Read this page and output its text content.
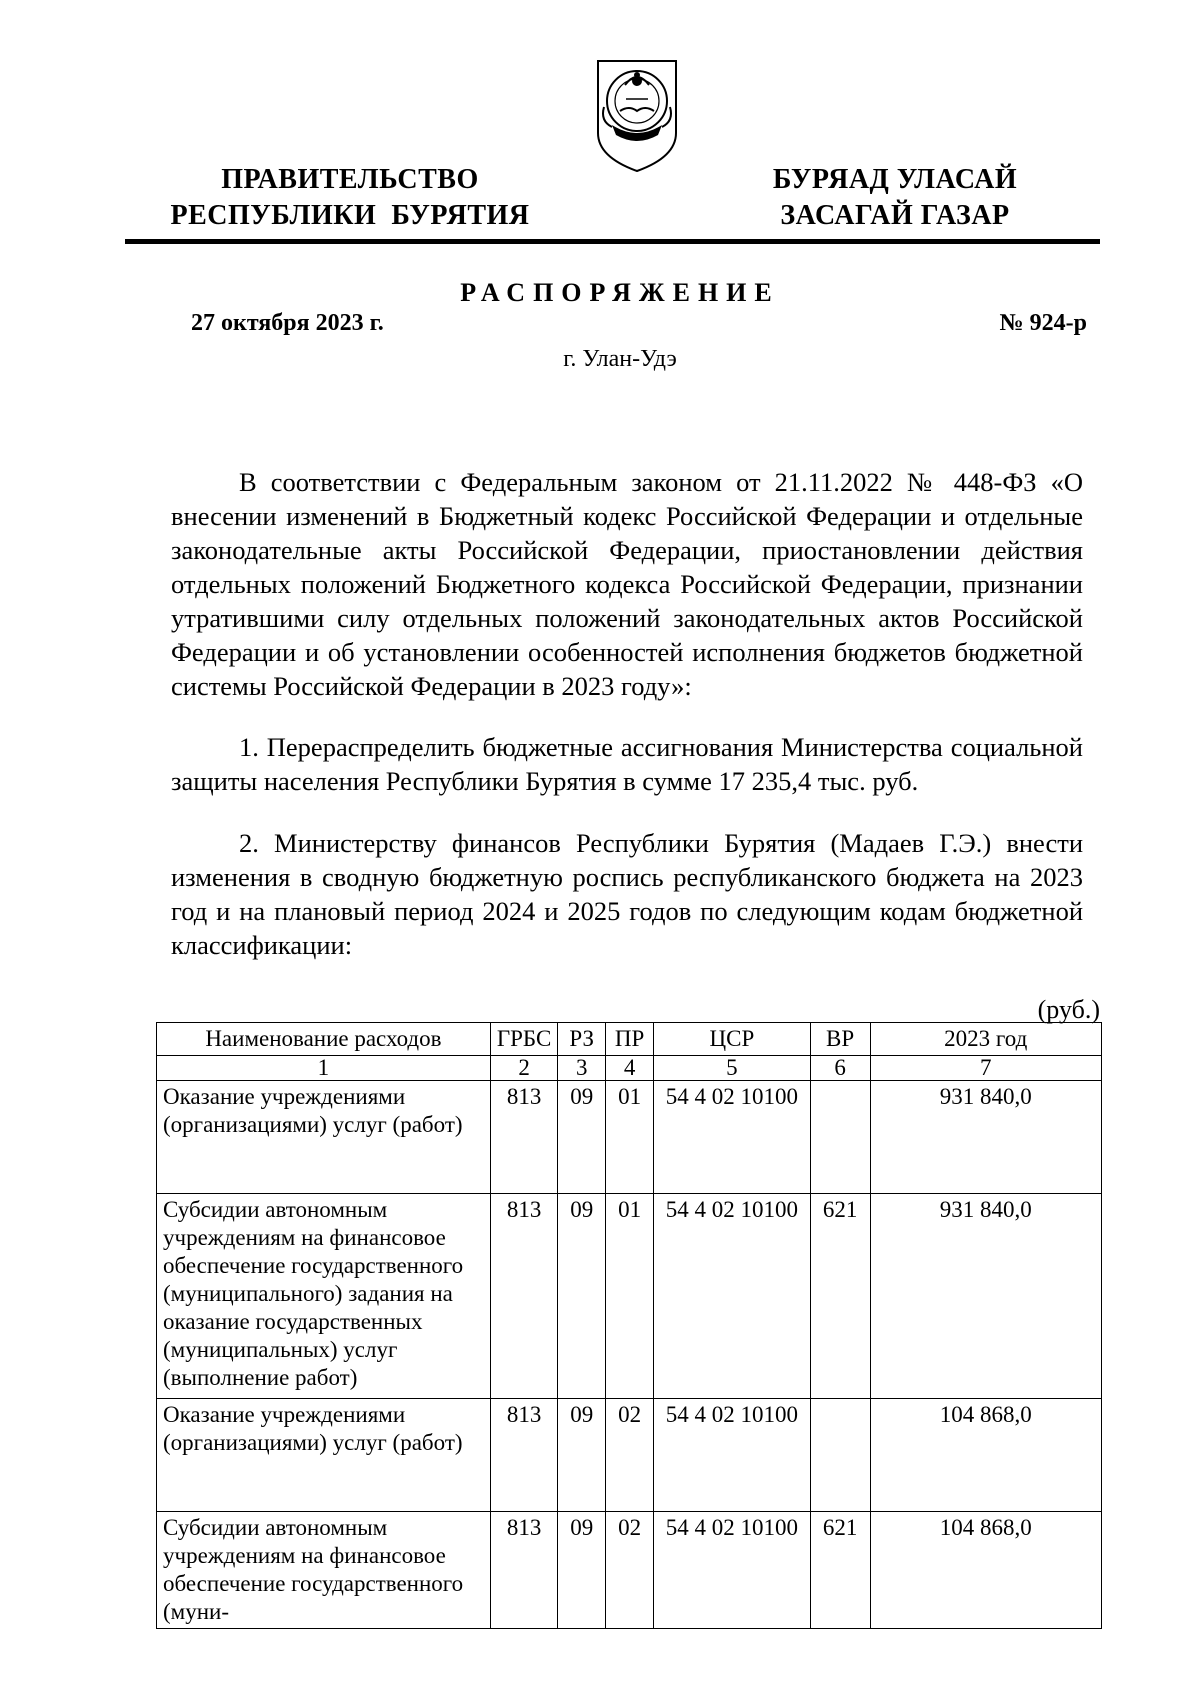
ПРАВИТЕЛЬСТВО
РЕСПУБЛИКИ  БУРЯТИЯ
БУРЯАД УЛАСАЙ
ЗАСАГАЙ ГАЗАР
РАСПОРЯЖЕНИЕ
27 октября 2023 г.	№ 924-р
г. Улан-Удэ

В соответствии с Федеральным законом от 21.11.2022 № 448-ФЗ «О внесении изменений в Бюджетный кодекс Российской Федерации и отдельные законодательные акты Российской Федерации, приостановлении действия отдельных положений Бюджетного кодекса Российской Федерации, признании утратившими силу отдельных положений законодательных актов Российской Федерации и об установлении особенностей исполнения бюджетов бюджетной системы Российской Федерации в 2023 году»:

1. Перераспределить бюджетные ассигнования Министерства социальной защиты населения Республики Бурятия в сумме 17 235,4 тыс. руб.

2. Министерству финансов Республики Бурятия (Мадаев Г.Э.) внести изменения в сводную бюджетную роспись республиканского бюджета на 2023 год и на плановый период 2024 и 2025 годов по следующим кодам бюджетной классификации:

(руб.)
Наименование расходов	ГРБС	РЗ	ПР	ЦСР	ВР	2023 год
1	2	3	4	5	6	7
Оказание учреждениями (организациями) услуг (работ)	813	09	01	54 4 02 10100		931 840,0
Субсидии автономным учреждениям на финансовое обеспечение государственного (муниципального) задания на оказание государственных (муниципальных) услуг (выполнение работ)	813	09	01	54 4 02 10100	621	931 840,0
Оказание учреждениями (организациями) услуг (работ)	813	09	02	54 4 02 10100		104 868,0
Субсидии автономным учреждениям на финансовое обеспечение государственного (муни-	813	09	02	54 4 02 10100	621	104 868,0
